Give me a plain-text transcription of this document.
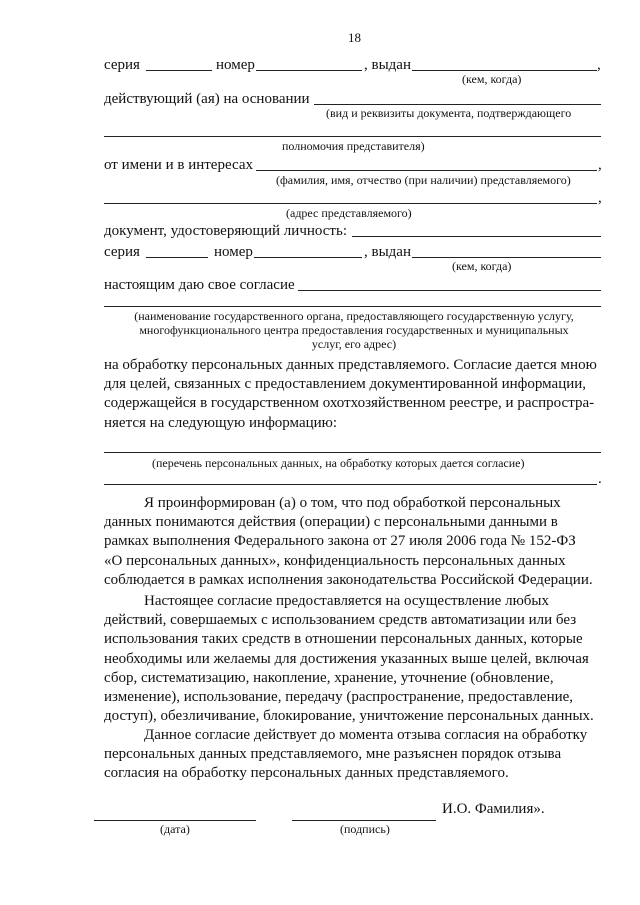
18
серия	номер	, выдан	,
(кем, когда)
действующий (ая) на основании
(вид и реквизиты документа, подтверждающего
полномочия представителя)
от имени и в интересах	,
(фамилия, имя, отчество (при наличии) представляемого)
,
(адрес представляемого)
документ, удостоверяющий личность:
серия	номер	, выдан
(кем, когда)
настоящим даю свое согласие
(наименование государственного органа, предоставляющего государственную услугу,
многофункционального центра предоставления государственных и муниципальных
услуг, его адрес)
на обработку персональных данных представляемого. Согласие дается мною
для целей, связанных с предоставлением документированной информации,
содержащейся в государственном охотхозяйственном реестре, и распростра-
няется на следующую информацию:
(перечень персональных данных, на обработку которых дается согласие)
.
Я проинформирован (а) о том, что под обработкой персональных
данных понимаются действия (операции) с персональными данными в
рамках выполнения Федерального закона от 27 июля 2006 года № 152-ФЗ
«О персональных данных», конфиденциальность персональных данных
соблюдается в рамках исполнения законодательства Российской Федерации.
Настоящее согласие предоставляется на осуществление любых
действий, совершаемых с использованием средств автоматизации или без
использования таких средств в отношении персональных данных, которые
необходимы или желаемы для достижения указанных выше целей, включая
сбор, систематизацию, накопление, хранение, уточнение (обновление,
изменение), использование, передачу (распространение, предоставление,
доступ), обезличивание, блокирование, уничтожение персональных данных.
Данное согласие действует до момента отзыва согласия на обработку
персональных данных представляемого, мне разъяснен порядок отзыва
согласия на обработку персональных данных представляемого.
(дата)	(подпись)
И.О. Фамилия».
